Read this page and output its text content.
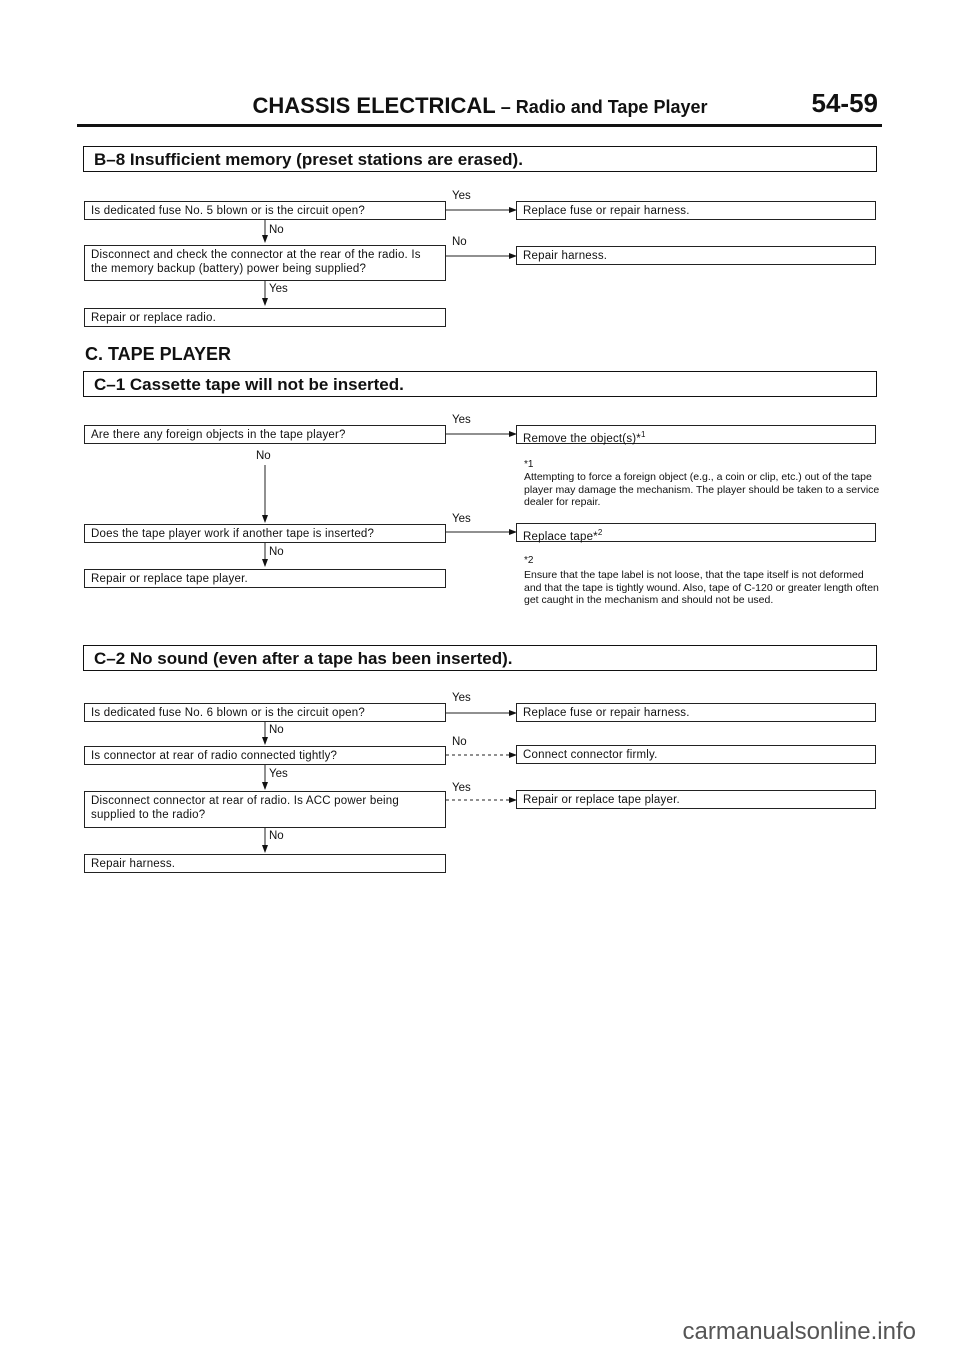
CHASSIS ELECTRICAL – Radio and Tape Player	54-59
B–8 Insufficient memory (preset stations are erased).
Is dedicated fuse No. 5 blown or is the circuit open?
Yes
Replace fuse or repair harness.
No
Disconnect and check the connector at the rear of the radio. Is the memory backup (battery) power being supplied?
No
Repair harness.
Yes
Repair or replace radio.
C. TAPE PLAYER
C–1 Cassette tape will not be inserted.
Are there any foreign objects in the tape player?
Yes
Remove the object(s)*$^1$
No
*1
Attempting to force a foreign object (e.g., a coin or clip, etc.) out of the tape player may damage the mechanism. The player should be taken to a service dealer for repair.
Does the tape player work if another tape is inserted?
Yes
Replace tape*$^2$
No
Repair or replace tape player.
*2
Ensure that the tape label is not loose, that the tape itself is not deformed and that the tape is tightly wound. Also, tape of C-120 or greater length often get caught in the mechanism and should not be used.
C–2 No sound (even after a tape has been inserted).
Is dedicated fuse No. 6 blown or is the circuit open?
Yes
Replace fuse or repair harness.
No
Is connector at rear of radio connected tightly?
No
Connect connector firmly.
Yes
Disconnect connector at rear of radio. Is ACC power being supplied to the radio?
Yes
Repair or replace tape player.
No
Repair harness.
carmanualsonline.info
